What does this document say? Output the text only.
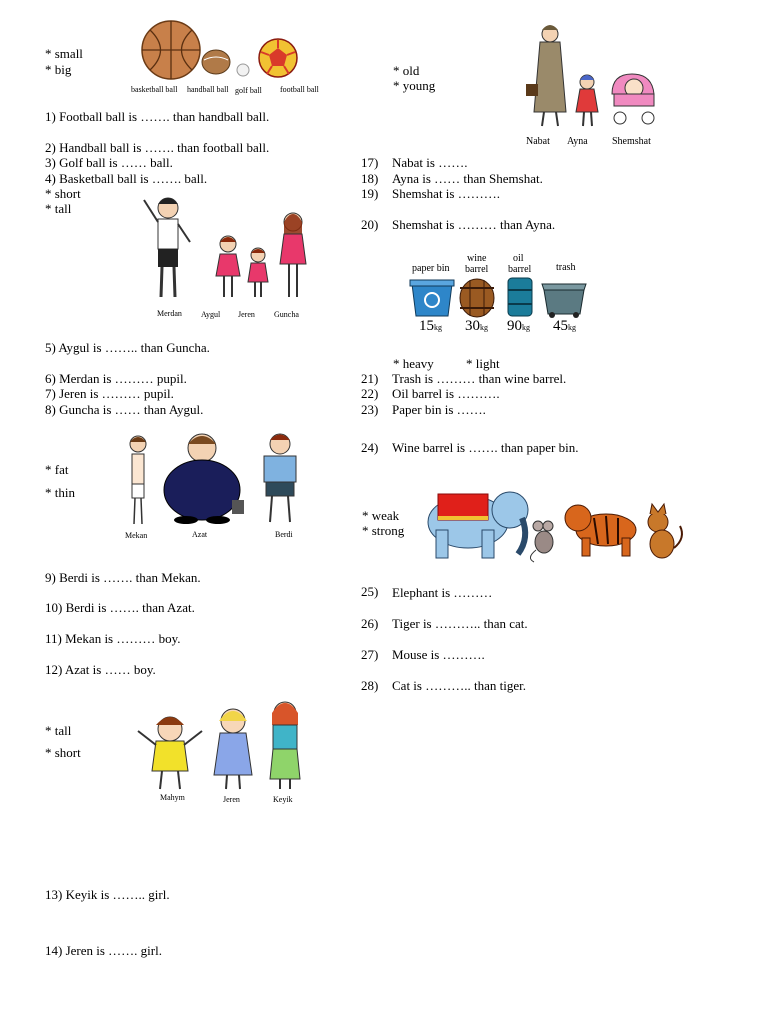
* small
* big
basketball ball handball ball golf ball football ball
1) Football ball is ……. than handball ball.
2) Handball ball is ……. than football ball.
3) Golf ball is …… ball.
4) Basketball ball is ……. ball.
* short
* tall
Merdan Aygul Jeren Guncha
5) Aygul is …….. than Guncha.
6) Merdan is ……… pupil.
7) Jeren is ……… pupil.
8) Guncha is …… than Aygul.
* fat
* thin
Mekan	Azat	Berdi
9) Berdi is ……. than Mekan.
10) Berdi is ……. than Azat.
11) Mekan is ……… boy.
12) Azat is …… boy.
* tall
* short
Mahym	Jeren	Keyik
13) Keyik is …….. girl.
14) Jeren is ……. girl.
* old
* young
Nabat Ayna Shemshat
17)	Nabat is …….
18)	Ayna is …… than Shemshat.
19)	Shemshat is ……….
20)	Shemshat is ……… than Ayna.
paper bin
wine
barrel
oil
barrel trash
15kg 30kg 90kg 45kg
* heavy * light
21)	Trash is ……… than wine barrel.
22)	Oil barrel is ……….
23)	Paper bin is …….
24)	Wine barrel is ……. than paper bin.
* weak
* strong
25)	Elephant is ………
26)	Tiger is ……….. than cat.
27)	Mouse is ……….
28)	Cat is ……….. than tiger.
